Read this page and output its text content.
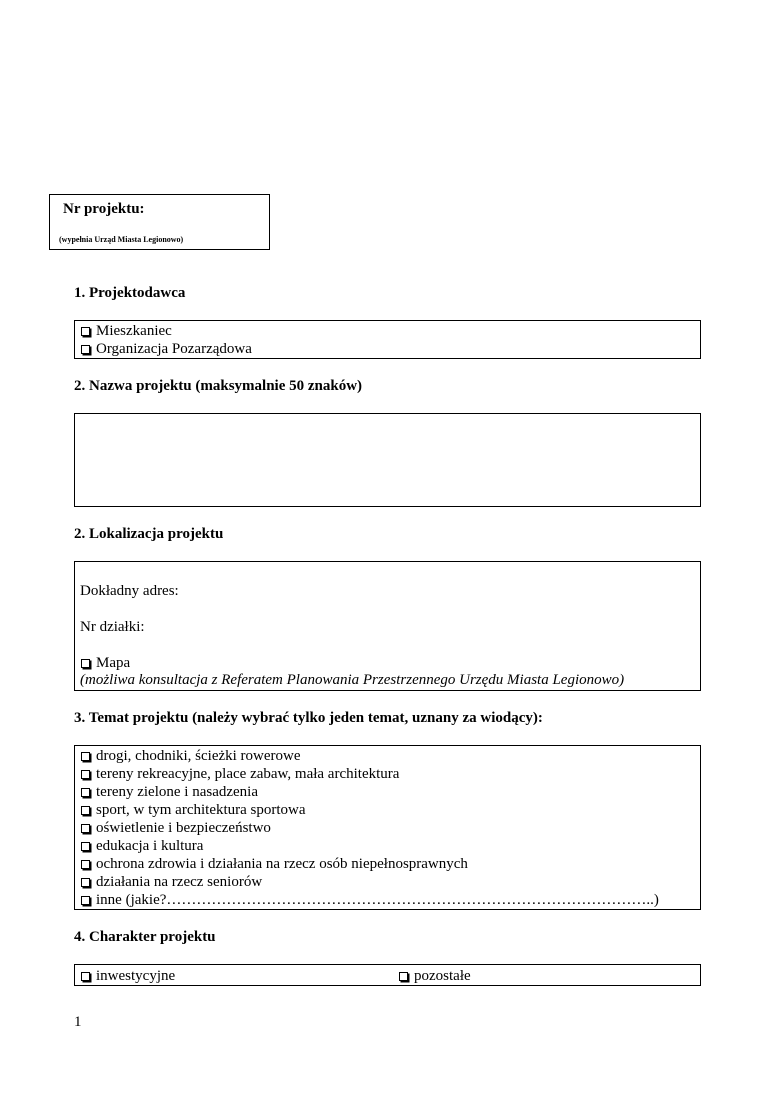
Nr projektu:
(wypełnia Urząd Miasta Legionowo)
1. Projektodawca
Mieszkaniec
Organizacja Pozarządowa
2. Nazwa projektu (maksymalnie 50 znaków)
2. Lokalizacja projektu
Dokładny adres:
Nr działki:
Mapa
(możliwa konsultacja z Referatem Planowania Przestrzennego Urzędu Miasta Legionowo)
3. Temat projektu (należy wybrać tylko jeden temat, uznany za wiodący):
drogi, chodniki, ścieżki rowerowe
tereny rekreacyjne, place zabaw, mała architektura
tereny zielone i nasadzenia
sport, w tym architektura sportowa
oświetlenie i bezpieczeństwo
edukacja i kultura
ochrona zdrowia i działania na rzecz osób niepełnosprawnych
działania na rzecz seniorów
inne (jakie?……………………………………………………………………………………..)
4. Charakter projektu
inwestycyjne	pozostałe
1
